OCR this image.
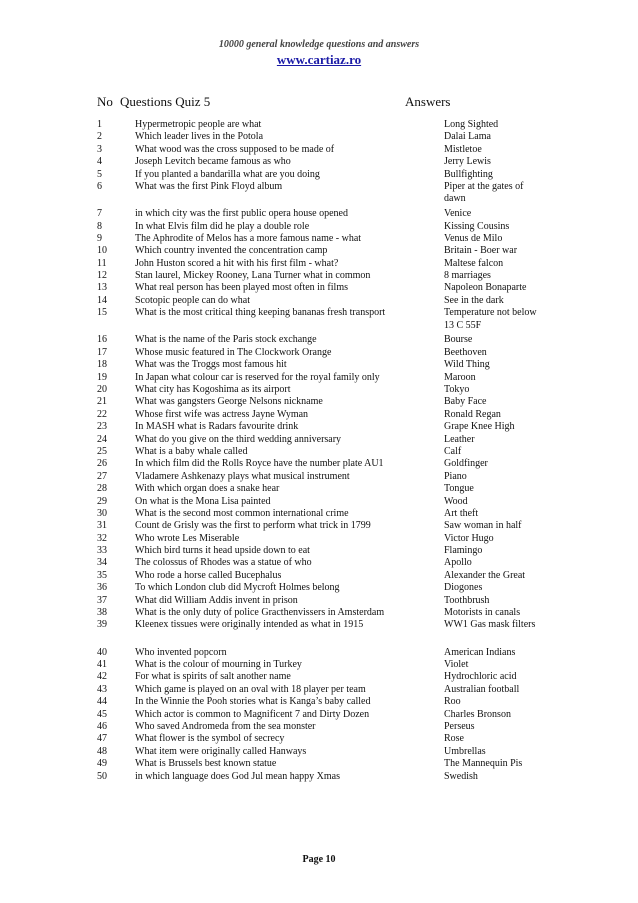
10000 general knowledge questions and answers
www.cartiaz.ro
No Questions Quiz 5	Answers
1	Hypermetropic people are what	Long Sighted
2	Which leader lives in the Potola	Dalai Lama
3	What wood was the cross supposed to be made of	Mistletoe
4	Joseph Levitch became famous as who	Jerry Lewis
5	If you planted a bandarilla what are you doing	Bullfighting
6	What was the first Pink Floyd album	Piper at the gates of dawn
7	in which city was the first public opera house opened	Venice
8	In what Elvis film did he play a double role	Kissing Cousins
9	The Aphrodite of Melos has a more famous name - what	Venus de Milo
10	Which country invented the concentration camp	Britain - Boer war
11	John Huston scored a hit with his first film - what?	Maltese falcon
12	Stan laurel, Mickey Rooney, Lana Turner what in common	8 marriages
13	What real person has been played most often in films	Napoleon Bonaparte
14	Scotopic people can do what	See in the dark
15	What is the most critical thing keeping bananas fresh transport	Temperature not below 13 C 55F
16	What is the name of the Paris stock exchange	Bourse
17	Whose music featured in The Clockwork Orange	Beethoven
18	What was the Troggs most famous hit	Wild Thing
19	In Japan what colour car is reserved for the royal family only	Maroon
20	What city has Kogoshima as its airport	Tokyo
21	What was gangsters George Nelsons nickname	Baby Face
22	Whose first wife was actress Jayne Wyman	Ronald Regan
23	In MASH what is Radars favourite drink	Grape Knee High
24	What do you give on the third wedding anniversary	Leather
25	What is a baby whale called	Calf
26	In which film did the Rolls Royce have the number plate AU1	Goldfinger
27	Vladamere Ashkenazy plays what musical instrument	Piano
28	With which organ does a snake hear	Tongue
29	On what is the Mona Lisa painted	Wood
30	What is the second most common international crime	Art theft
31	Count de Grisly was the first to perform what trick in 1799	Saw woman in half
32	Who wrote Les Miserable	Victor Hugo
33	Which bird turns it head upside down to eat	Flamingo
34	The colossus of Rhodes was a statue of who	Apollo
35	Who rode a horse called Bucephalus	Alexander the Great
36	To which London club did Mycroft Holmes belong	Diogones
37	What did William Addis invent in prison	Toothbrush
38	What is the only duty of police Gracthenvissers in Amsterdam	Motorists in canals
39	Kleenex tissues were originally intended as what in 1915	WW1 Gas mask filters
40	Who invented popcorn	American Indians
41	What is the colour of mourning in Turkey	Violet
42	For what is spirits of salt another name	Hydrochloric acid
43	Which game is played on an oval with 18 player per team	Australian football
44	In the Winnie the Pooh stories what is Kanga’s baby called	Roo
45	Which actor is common to Magnificent 7 and Dirty Dozen	Charles Bronson
46	Who saved Andromeda from the sea monster	Perseus
47	What flower is the symbol of secrecy	Rose
48	What item were originally called Hanways	Umbrellas
49	What is Brussels best known statue	The Mannequin Pis
50	in which language does God Jul mean happy Xmas	Swedish
Page 10
